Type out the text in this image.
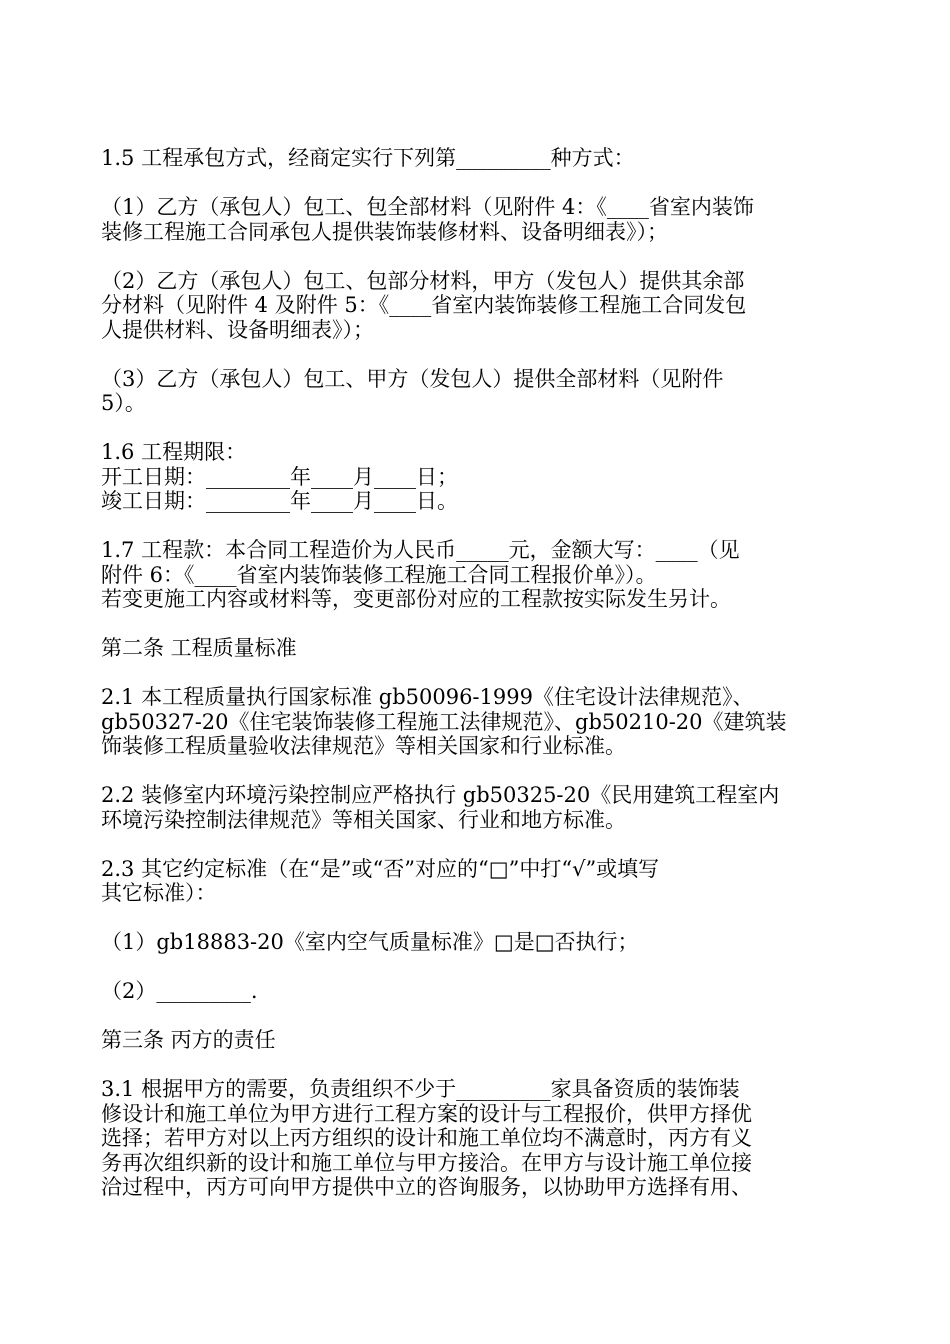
1.5 工程承包方式，经商定实行下列第_________种方式：
（1）乙方（承包人）包工、包全部材料（见附件 4：《____省室内装饰
装修工程施工合同承包人提供装饰装修材料、设备明细表》）；
（2）乙方（承包人）包工、包部分材料，甲方（发包人）提供其余部
分材料（见附件 4 及附件 5：《____省室内装饰装修工程施工合同发包
人提供材料、设备明细表》）；
（3）乙方（承包人）包工、甲方（发包人）提供全部材料（见附件
5）。
1.6 工程期限：
开工日期：________年____月____日；
竣工日期：________年____月____日。
1.7 工程款：本合同工程造价为人民币_____元，金额大写：____（见
附件 6：《____省室内装饰装修工程施工合同工程报价单》）。
若变更施工内容或材料等，变更部份对应的工程款按实际发生另计。
第二条 工程质量标准
2.1 本工程质量执行国家标准 gb50096-1999《住宅设计法律规范》、
gb50327-20《住宅装饰装修工程施工法律规范》、gb50210-20《建筑装
饰装修工程质量验收法律规范》等相关国家和行业标准。
2.2 装修室内环境污染控制应严格执行 gb50325-20《民用建筑工程室内
环境污染控制法律规范》等相关国家、行业和地方标准。
2.3 其它约定标准（在“是”或“否”对应的“□”中打“√”或填写
其它标准）：
（1）gb18883-20《室内空气质量标准》□是□否执行；
（2）_________.
第三条 丙方的责任
3.1 根据甲方的需要，负责组织不少于_________家具备资质的装饰装
修设计和施工单位为甲方进行工程方案的设计与工程报价，供甲方择优
选择；若甲方对以上丙方组织的设计和施工单位均不满意时，丙方有义
务再次组织新的设计和施工单位与甲方接洽。在甲方与设计施工单位接
洽过程中，丙方可向甲方提供中立的咨询服务，以协助甲方选择有用、
